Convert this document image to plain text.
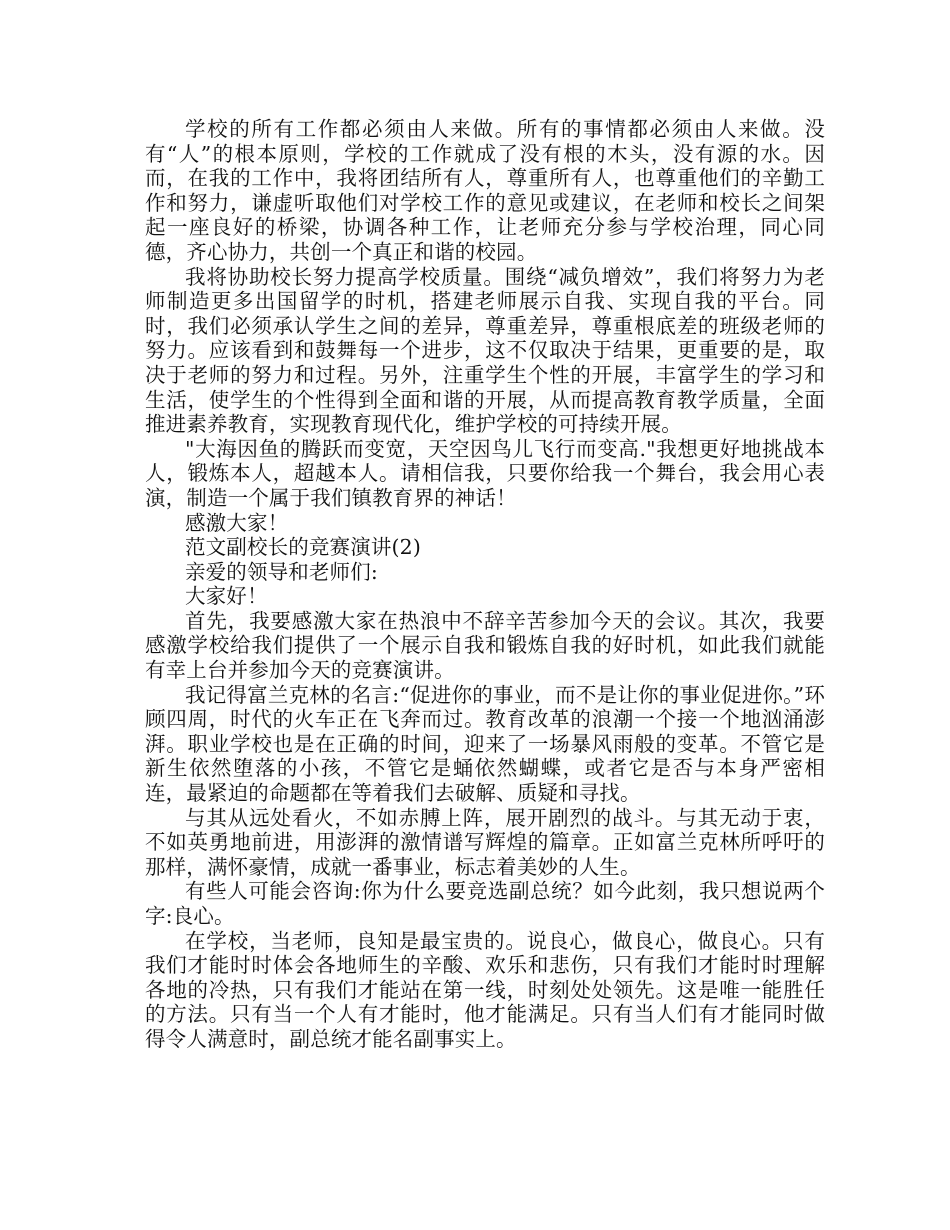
学校的所有工作都必须由人来做。所有的事情都必须由人来做。没有“人”的根本原则，学校的工作就成了没有根的木头，没有源的水。因而，在我的工作中，我将团结所有人，尊重所有人，也尊重他们的辛勤工作和努力，谦虚听取他们对学校工作的意见或建议，在老师和校长之间架起一座良好的桥梁，协调各种工作，让老师充分参与学校治理，同心同德，齐心协力，共创一个真正和谐的校园。

我将协助校长努力提高学校质量。围绕“减负增效”，我们将努力为老师制造更多出国留学的时机，搭建老师展示自我、实现自我的平台。同时，我们必须承认学生之间的差异，尊重差异，尊重根底差的班级老师的努力。应该看到和鼓舞每一个进步，这不仅取决于结果，更重要的是，取决于老师的努力和过程。另外，注重学生个性的开展，丰富学生的学习和生活，使学生的个性得到全面和谐的开展，从而提高教育教学质量，全面推进素养教育，实现教育现代化，维护学校的可持续开展。

"大海因鱼的腾跃而变宽，天空因鸟儿飞行而变高."我想更好地挑战本人，锻炼本人，超越本人。请相信我，只要你给我一个舞台，我会用心表演，制造一个属于我们镇教育界的神话！

感激大家！

范文副校长的竞赛演讲(2)

亲爱的领导和老师们:

大家好！

首先，我要感激大家在热浪中不辞辛苦参加今天的会议。其次，我要感激学校给我们提供了一个展示自我和锻炼自我的好时机，如此我们就能有幸上台并参加今天的竞赛演讲。

我记得富兰克林的名言:“促进你的事业，而不是让你的事业促进你。”环顾四周，时代的火车正在飞奔而过。教育改革的浪潮一个接一个地汹涌澎湃。职业学校也是在正确的时间，迎来了一场暴风雨般的变革。不管它是新生依然堕落的小孩，不管它是蛹依然蝴蝶，或者它是否与本身严密相连，最紧迫的命题都在等着我们去破解、质疑和寻找。

与其从远处看火，不如赤膊上阵，展开剧烈的战斗。与其无动于衷，不如英勇地前进，用澎湃的激情谱写辉煌的篇章。正如富兰克林所呼吁的那样，满怀豪情，成就一番事业，标志着美妙的人生。

有些人可能会咨询:你为什么要竞选副总统？如今此刻，我只想说两个字:良心。

在学校，当老师，良知是最宝贵的。说良心，做良心，做良心。只有我们才能时时体会各地师生的辛酸、欢乐和悲伤，只有我们才能时时理解各地的冷热，只有我们才能站在第一线，时刻处处领先。这是唯一能胜任的方法。只有当一个人有才能时，他才能满足。只有当人们有才能同时做得令人满意时，副总统才能名副事实上。
